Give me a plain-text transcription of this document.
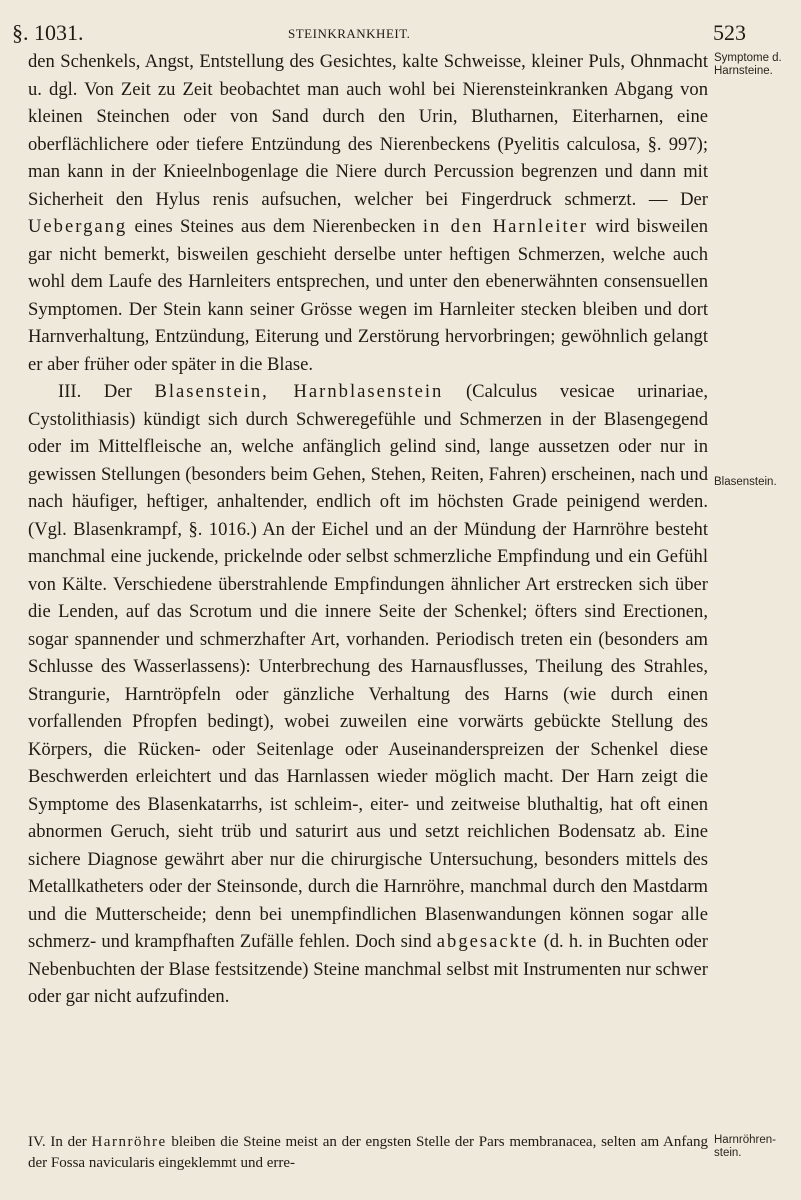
§. 1031.	STEINKRANKHEIT.	523
Symptome d. Harnsteine.
Blasenstein.
Harnröhren-stein.

den Schenkels, Angst, Entstellung des Gesichtes, kalte Schweisse, kleiner Puls, Ohnmacht u. dgl. Von Zeit zu Zeit beobachtet man auch wohl bei Nierensteinkranken Abgang von kleinen Steinchen oder von Sand durch den Urin, Blutharnen, Eiterharnen, eine oberflächlichere oder tiefere Entzündung des Nierenbeckens (Pyelitis calculosa, §. 997); man kann in der Knieelnbogenlage die Niere durch Percussion begrenzen und dann mit Sicherheit den Hylus renis aufsuchen, welcher bei Fingerdruck schmerzt. — Der Uebergang eines Steines aus dem Nierenbecken in den Harnleiter wird bisweilen gar nicht bemerkt, bisweilen geschieht derselbe unter heftigen Schmerzen, welche auch wohl dem Laufe des Harnleiters entsprechen, und unter den ebenerwähnten consensuellen Symptomen. Der Stein kann seiner Grösse wegen im Harnleiter stecken bleiben und dort Harnverhaltung, Entzündung, Eiterung und Zerstörung hervorbringen; gewöhnlich gelangt er aber früher oder später in die Blase.

III. Der Blasenstein, Harnblasenstein (Calculus vesicae urinariae, Cystolithiasis) kündigt sich durch Schweregefühle und Schmerzen in der Blasengegend oder im Mittelfleische an, welche anfänglich gelind sind, lange aussetzen oder nur in gewissen Stellungen (besonders beim Gehen, Stehen, Reiten, Fahren) erscheinen, nach und nach häufiger, heftiger, anhaltender, endlich oft im höchsten Grade peinigend werden. (Vgl. Blasenkrampf, §. 1016.) An der Eichel und an der Mündung der Harnröhre besteht manchmal eine juckende, prickelnde oder selbst schmerzliche Empfindung und ein Gefühl von Kälte. Verschiedene überstrahlende Empfindungen ähnlicher Art erstrecken sich über die Lenden, auf das Scrotum und die innere Seite der Schenkel; öfters sind Erectionen, sogar spannender und schmerzhafter Art, vorhanden. Periodisch treten ein (besonders am Schlusse des Wasserlassens): Unterbrechung des Harnausflusses, Theilung des Strahles, Strangurie, Harntröpfeln oder gänzliche Verhaltung des Harns (wie durch einen vorfallenden Pfropfen bedingt), wobei zuweilen eine vorwärts gebückte Stellung des Körpers, die Rücken- oder Seitenlage oder Auseinanderspreizen der Schenkel diese Beschwerden erleichtert und das Harnlassen wieder möglich macht. Der Harn zeigt die Symptome des Blasenkatarrhs, ist schleim-, eiter- und zeitweise bluthaltig, hat oft einen abnormen Geruch, sieht trüb und saturirt aus und setzt reichlichen Bodensatz ab. Eine sichere Diagnose gewährt aber nur die chirurgische Untersuchung, besonders mittels des Metallkatheters oder der Steinsonde, durch die Harnröhre, manchmal durch den Mastdarm und die Mutterscheide; denn bei unempfindlichen Blasenwandungen können sogar alle schmerz- und krampfhaften Zufälle fehlen. Doch sind abgesackte (d. h. in Buchten oder Nebenbuchten der Blase festsitzende) Steine manchmal selbst mit Instrumenten nur schwer oder gar nicht aufzufinden.

IV. In der Harnröhre bleiben die Steine meist an der engsten Stelle der Pars membranacea, selten am Anfang der Fossa navicularis eingeklemmt und erre-
